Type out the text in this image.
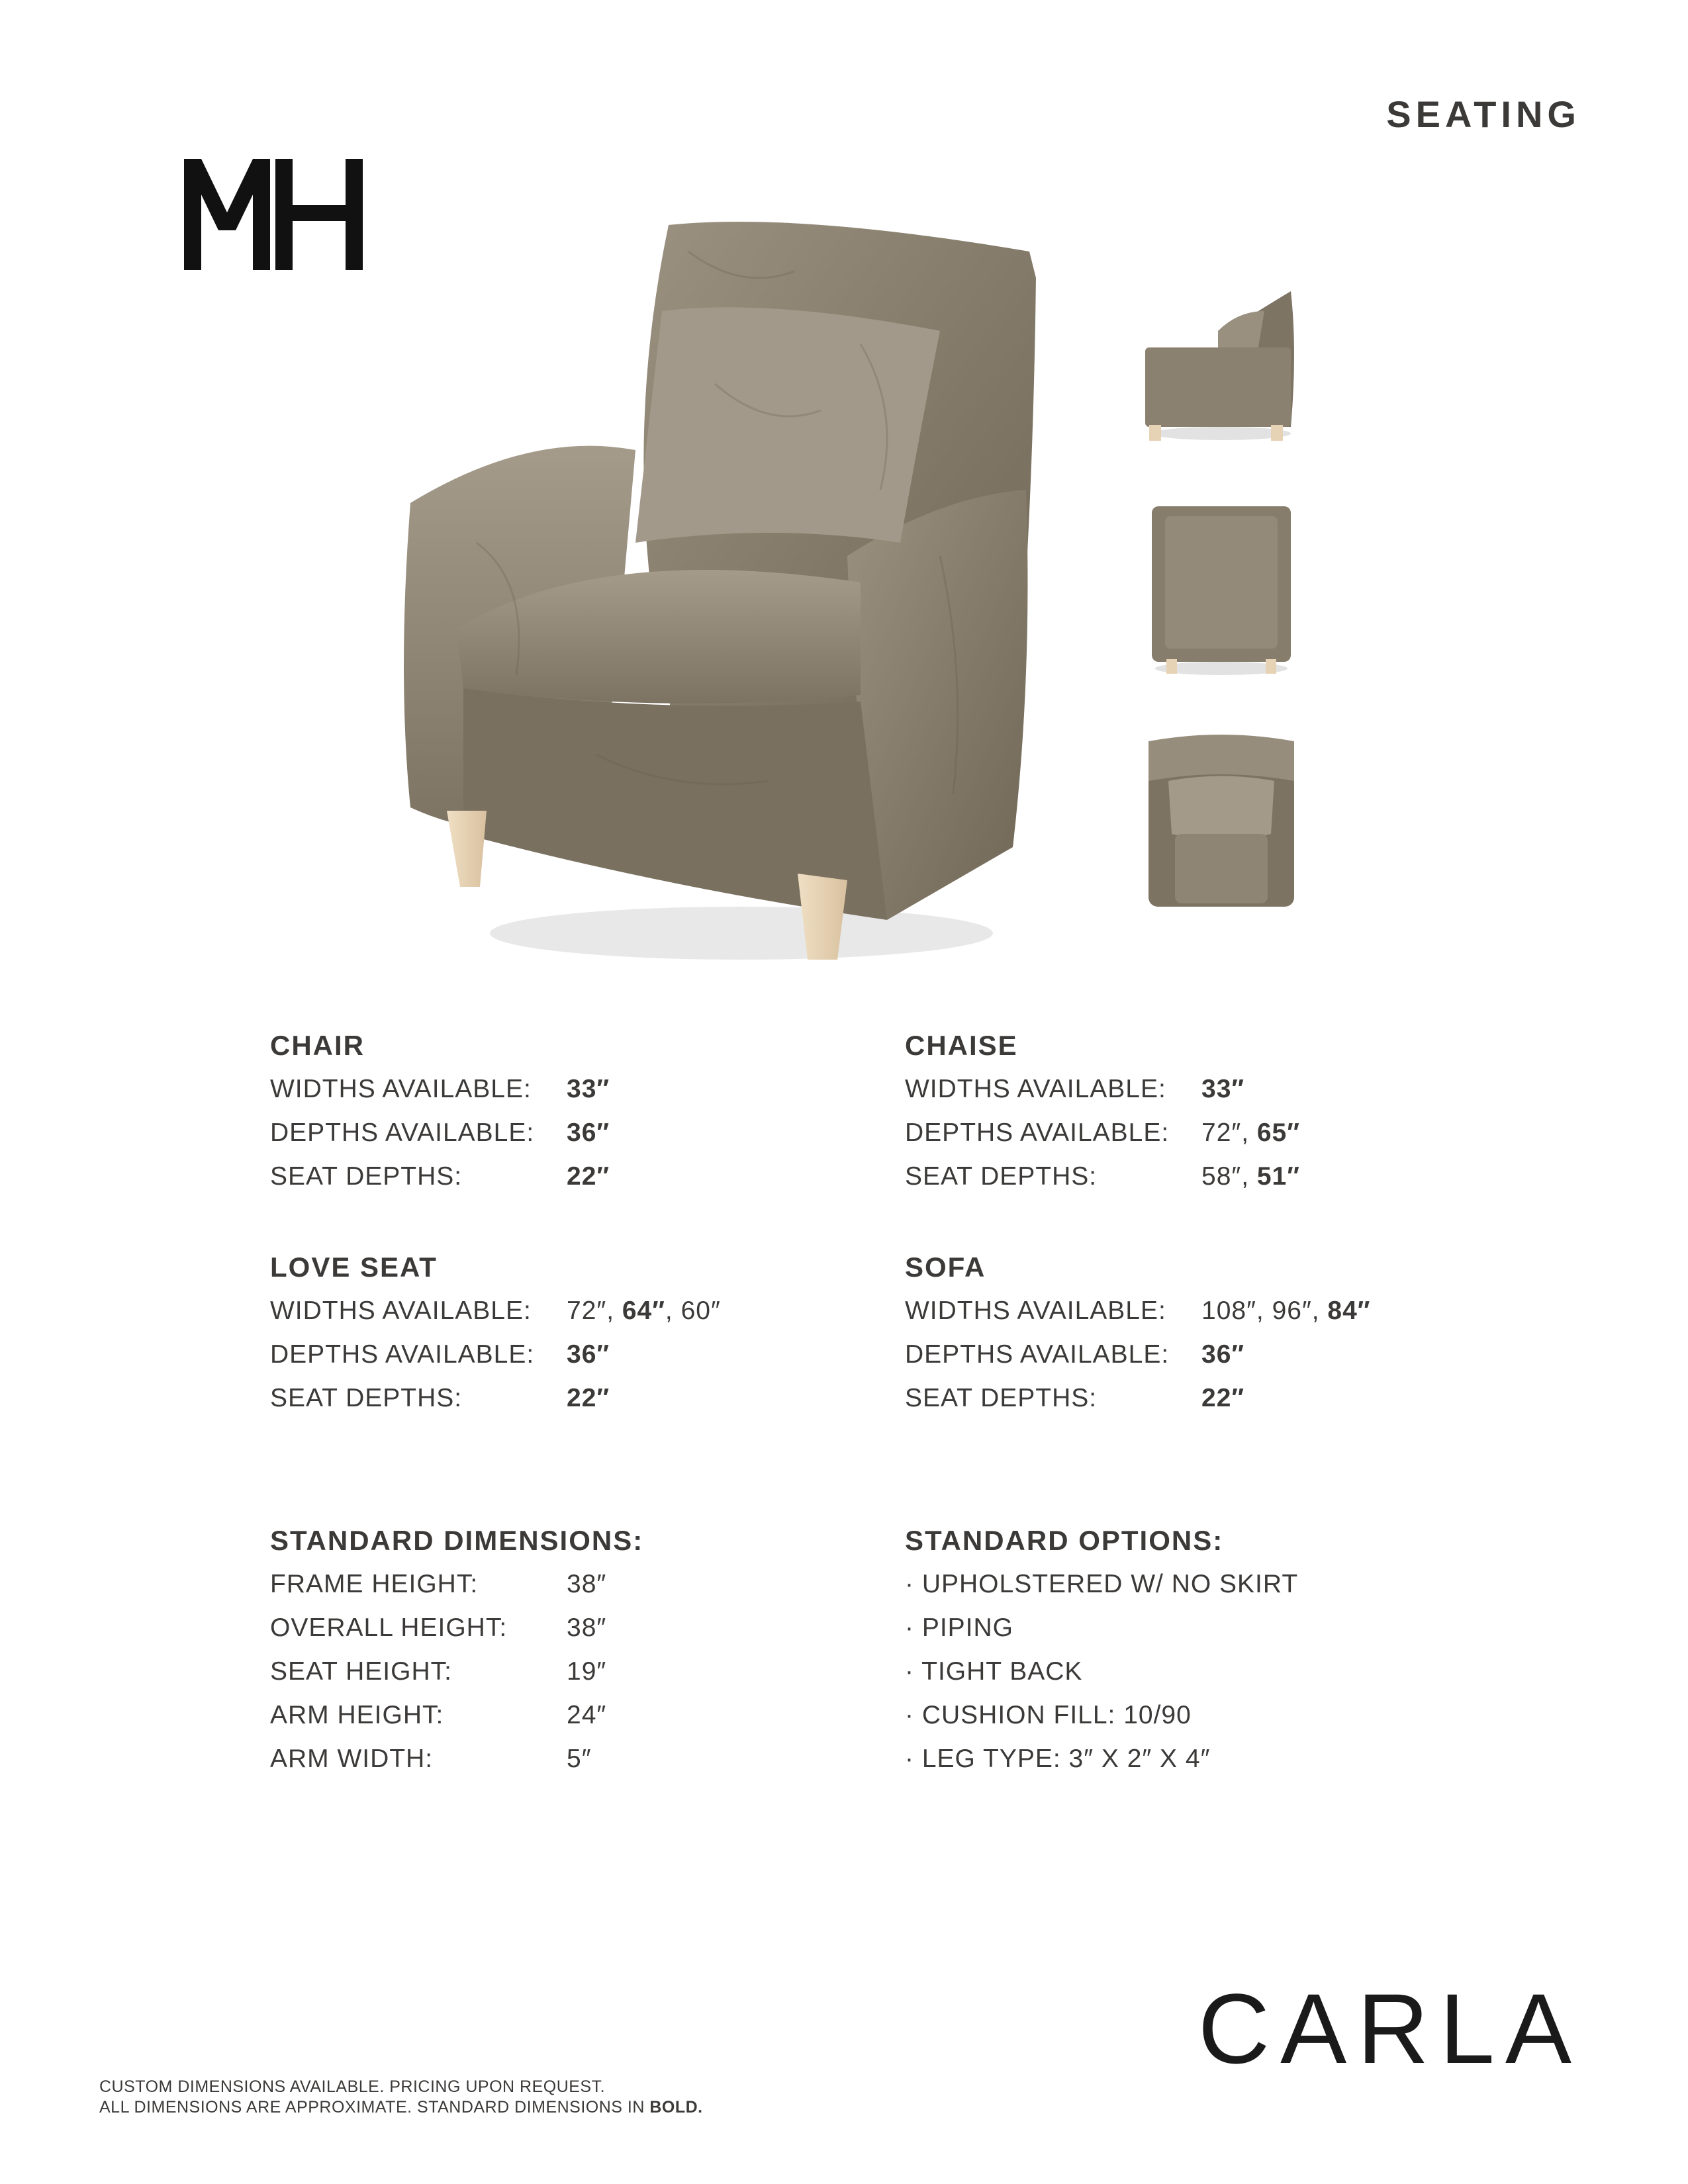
SEATING
CHAIR
WIDTHS AVAILABLE:	33″
DEPTHS AVAILABLE:	36″
SEAT DEPTHS:	22″
CHAISE
WIDTHS AVAILABLE:	33″
DEPTHS AVAILABLE:	72″, 65″
SEAT DEPTHS:	58″, 51″
LOVE SEAT
WIDTHS AVAILABLE:	72″, 64″, 60″
DEPTHS AVAILABLE:	36″
SEAT DEPTHS:	22″
SOFA
WIDTHS AVAILABLE:	108″, 96″, 84″
DEPTHS AVAILABLE:	36″
SEAT DEPTHS:	22″
STANDARD DIMENSIONS:
FRAME HEIGHT:	38″
OVERALL HEIGHT:	38″
SEAT HEIGHT:	19″
ARM HEIGHT:	24″
ARM WIDTH:	5″
STANDARD OPTIONS:
· UPHOLSTERED W/ NO SKIRT
· PIPING
· TIGHT BACK
· CUSHION FILL: 10/90
· LEG TYPE: 3″ X 2″ X 4″
CARLA
CUSTOM DIMENSIONS AVAILABLE. PRICING UPON REQUEST.
ALL DIMENSIONS ARE APPROXIMATE. STANDARD DIMENSIONS IN BOLD.
